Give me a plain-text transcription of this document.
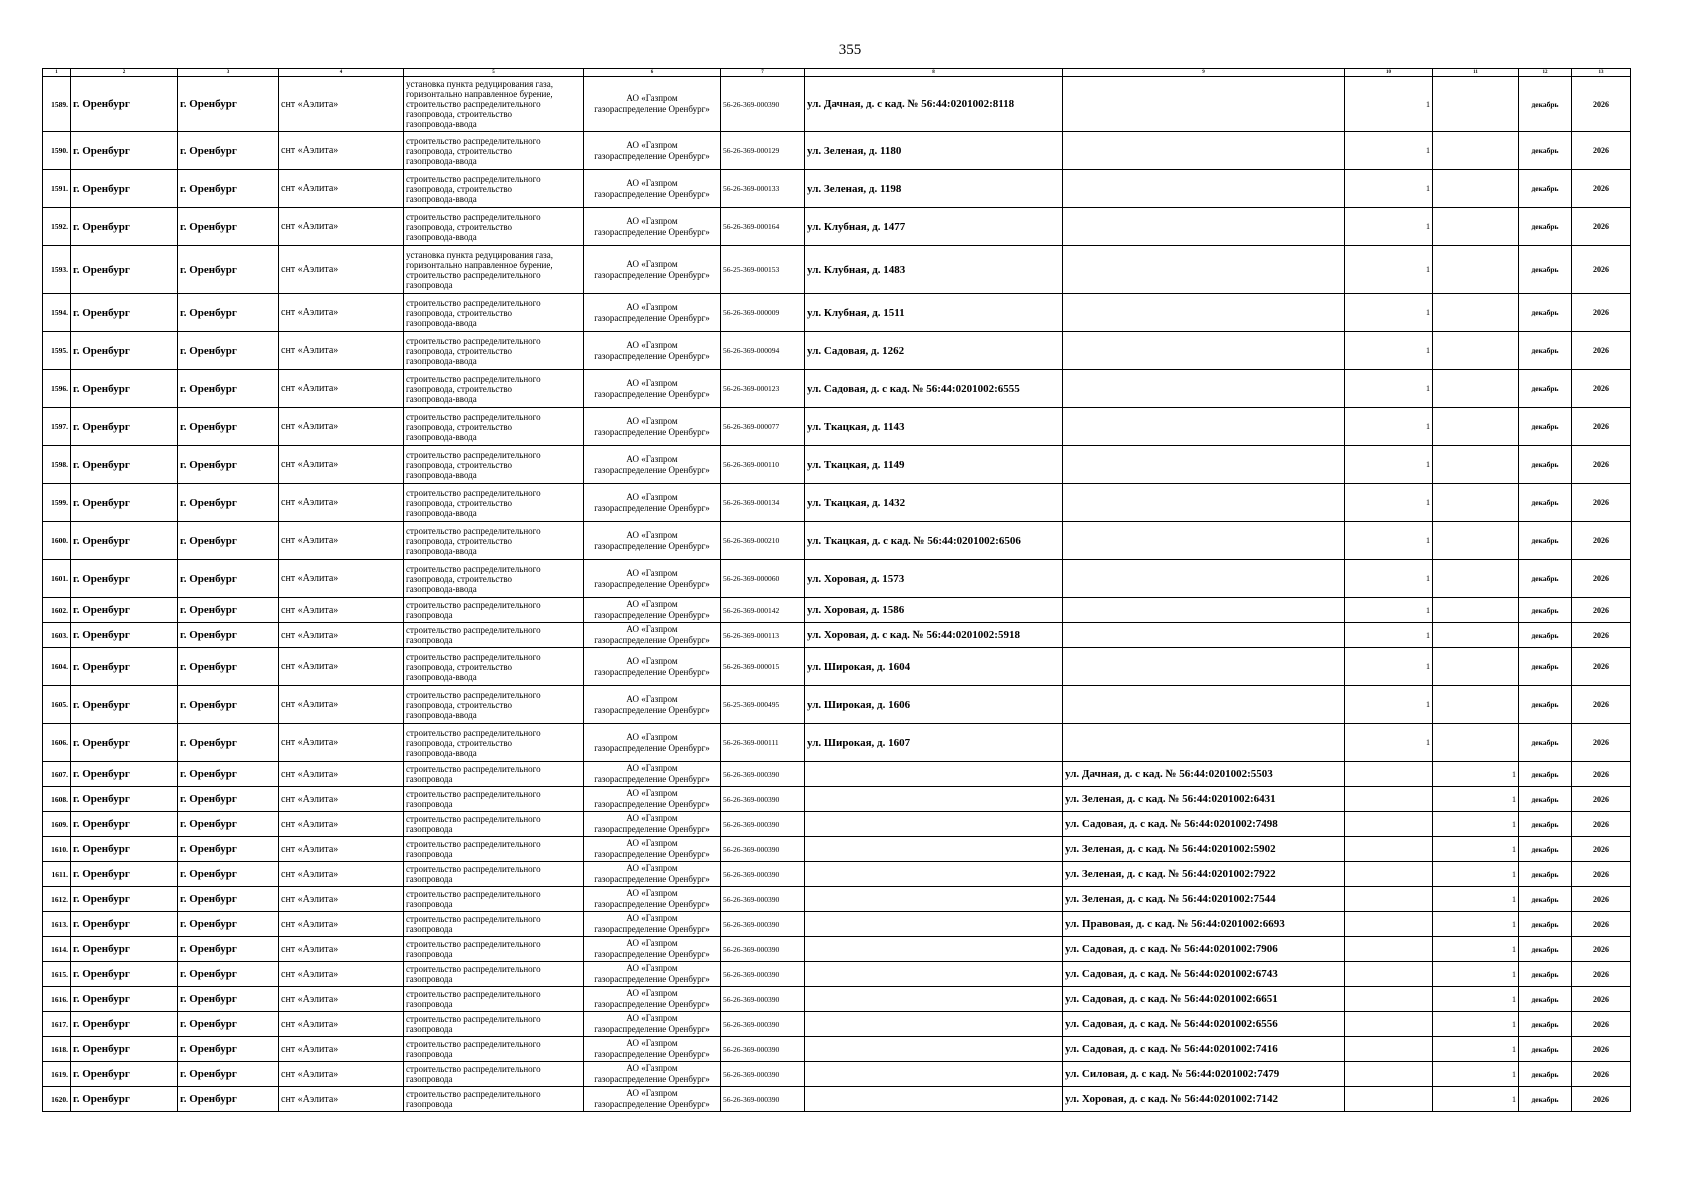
355
1	2	3	4	5	6	7	8	9	10	11	12	13
1589.	г. Оренбург	г. Оренбург	снт «Аэлита»	установка пункта редуцирования газа,
горизонтально направленное бурение,
строительство распределительного
газопровода, строительство
газопровода-ввода	АО «Газпром
газораспределение Оренбург»	56-26-369-000390	ул. Дачная, д. с кад. № 56:44:0201002:8118		1		декабрь	2026
1590.	г. Оренбург	г. Оренбург	снт «Аэлита»	строительство распределительного
газопровода, строительство
газопровода-ввода	АО «Газпром
газораспределение Оренбург»	56-26-369-000129	ул. Зеленая, д. 1180		1		декабрь	2026
1591.	г. Оренбург	г. Оренбург	снт «Аэлита»	строительство распределительного
газопровода, строительство
газопровода-ввода	АО «Газпром
газораспределение Оренбург»	56-26-369-000133	ул. Зеленая, д. 1198		1		декабрь	2026
1592.	г. Оренбург	г. Оренбург	снт «Аэлита»	строительство распределительного
газопровода, строительство
газопровода-ввода	АО «Газпром
газораспределение Оренбург»	56-26-369-000164	ул. Клубная, д. 1477		1		декабрь	2026
1593.	г. Оренбург	г. Оренбург	снт «Аэлита»	установка пункта редуцирования газа,
горизонтально направленное бурение,
строительство распределительного
газопровода	АО «Газпром
газораспределение Оренбург»	56-25-369-000153	ул. Клубная, д. 1483		1		декабрь	2026
1594.	г. Оренбург	г. Оренбург	снт «Аэлита»	строительство распределительного
газопровода, строительство
газопровода-ввода	АО «Газпром
газораспределение Оренбург»	56-26-369-000009	ул. Клубная, д. 1511		1		декабрь	2026
1595.	г. Оренбург	г. Оренбург	снт «Аэлита»	строительство распределительного
газопровода, строительство
газопровода-ввода	АО «Газпром
газораспределение Оренбург»	56-26-369-000094	ул. Садовая, д. 1262		1		декабрь	2026
1596.	г. Оренбург	г. Оренбург	снт «Аэлита»	строительство распределительного
газопровода, строительство
газопровода-ввода	АО «Газпром
газораспределение Оренбург»	56-26-369-000123	ул. Садовая, д. с кад. № 56:44:0201002:6555		1		декабрь	2026
1597.	г. Оренбург	г. Оренбург	снт «Аэлита»	строительство распределительного
газопровода, строительство
газопровода-ввода	АО «Газпром
газораспределение Оренбург»	56-26-369-000077	ул. Ткацкая, д. 1143		1		декабрь	2026
1598.	г. Оренбург	г. Оренбург	снт «Аэлита»	строительство распределительного
газопровода, строительство
газопровода-ввода	АО «Газпром
газораспределение Оренбург»	56-26-369-000110	ул. Ткацкая, д. 1149		1		декабрь	2026
1599.	г. Оренбург	г. Оренбург	снт «Аэлита»	строительство распределительного
газопровода, строительство
газопровода-ввода	АО «Газпром
газораспределение Оренбург»	56-26-369-000134	ул. Ткацкая, д. 1432		1		декабрь	2026
1600.	г. Оренбург	г. Оренбург	снт «Аэлита»	строительство распределительного
газопровода, строительство
газопровода-ввода	АО «Газпром
газораспределение Оренбург»	56-26-369-000210	ул. Ткацкая, д. с кад. № 56:44:0201002:6506		1		декабрь	2026
1601.	г. Оренбург	г. Оренбург	снт «Аэлита»	строительство распределительного
газопровода, строительство
газопровода-ввода	АО «Газпром
газораспределение Оренбург»	56-26-369-000060	ул. Хоровая, д. 1573		1		декабрь	2026
1602.	г. Оренбург	г. Оренбург	снт «Аэлита»	строительство распределительного
газопровода	АО «Газпром
газораспределение Оренбург»	56-26-369-000142	ул. Хоровая, д. 1586		1		декабрь	2026
1603.	г. Оренбург	г. Оренбург	снт «Аэлита»	строительство распределительного
газопровода	АО «Газпром
газораспределение Оренбург»	56-26-369-000113	ул. Хоровая, д. с кад. № 56:44:0201002:5918		1		декабрь	2026
1604.	г. Оренбург	г. Оренбург	снт «Аэлита»	строительство распределительного
газопровода, строительство
газопровода-ввода	АО «Газпром
газораспределение Оренбург»	56-26-369-000015	ул. Широкая, д. 1604		1		декабрь	2026
1605.	г. Оренбург	г. Оренбург	снт «Аэлита»	строительство распределительного
газопровода, строительство
газопровода-ввода	АО «Газпром
газораспределение Оренбург»	56-25-369-000495	ул. Широкая, д. 1606		1		декабрь	2026
1606.	г. Оренбург	г. Оренбург	снт «Аэлита»	строительство распределительного
газопровода, строительство
газопровода-ввода	АО «Газпром
газораспределение Оренбург»	56-26-369-000111	ул. Широкая, д. 1607		1		декабрь	2026
1607.	г. Оренбург	г. Оренбург	снт «Аэлита»	строительство распределительного
газопровода	АО «Газпром
газораспределение Оренбург»	56-26-369-000390		ул. Дачная, д. с кад. № 56:44:0201002:5503		1	декабрь	2026
1608.	г. Оренбург	г. Оренбург	снт «Аэлита»	строительство распределительного
газопровода	АО «Газпром
газораспределение Оренбург»	56-26-369-000390		ул. Зеленая, д. с кад. № 56:44:0201002:6431		1	декабрь	2026
1609.	г. Оренбург	г. Оренбург	снт «Аэлита»	строительство распределительного
газопровода	АО «Газпром
газораспределение Оренбург»	56-26-369-000390		ул. Садовая, д. с кад. № 56:44:0201002:7498		1	декабрь	2026
1610.	г. Оренбург	г. Оренбург	снт «Аэлита»	строительство распределительного
газопровода	АО «Газпром
газораспределение Оренбург»	56-26-369-000390		ул. Зеленая, д. с кад. № 56:44:0201002:5902		1	декабрь	2026
1611.	г. Оренбург	г. Оренбург	снт «Аэлита»	строительство распределительного
газопровода	АО «Газпром
газораспределение Оренбург»	56-26-369-000390		ул. Зеленая, д. с кад. № 56:44:0201002:7922		1	декабрь	2026
1612.	г. Оренбург	г. Оренбург	снт «Аэлита»	строительство распределительного
газопровода	АО «Газпром
газораспределение Оренбург»	56-26-369-000390		ул. Зеленая, д. с кад. № 56:44:0201002:7544		1	декабрь	2026
1613.	г. Оренбург	г. Оренбург	снт «Аэлита»	строительство распределительного
газопровода	АО «Газпром
газораспределение Оренбург»	56-26-369-000390		ул. Правовая, д. с кад. № 56:44:0201002:6693		1	декабрь	2026
1614.	г. Оренбург	г. Оренбург	снт «Аэлита»	строительство распределительного
газопровода	АО «Газпром
газораспределение Оренбург»	56-26-369-000390		ул. Садовая, д. с кад. № 56:44:0201002:7906		1	декабрь	2026
1615.	г. Оренбург	г. Оренбург	снт «Аэлита»	строительство распределительного
газопровода	АО «Газпром
газораспределение Оренбург»	56-26-369-000390		ул. Садовая, д. с кад. № 56:44:0201002:6743		1	декабрь	2026
1616.	г. Оренбург	г. Оренбург	снт «Аэлита»	строительство распределительного
газопровода	АО «Газпром
газораспределение Оренбург»	56-26-369-000390		ул. Садовая, д. с кад. № 56:44:0201002:6651		1	декабрь	2026
1617.	г. Оренбург	г. Оренбург	снт «Аэлита»	строительство распределительного
газопровода	АО «Газпром
газораспределение Оренбург»	56-26-369-000390		ул. Садовая, д. с кад. № 56:44:0201002:6556		1	декабрь	2026
1618.	г. Оренбург	г. Оренбург	снт «Аэлита»	строительство распределительного
газопровода	АО «Газпром
газораспределение Оренбург»	56-26-369-000390		ул. Садовая, д. с кад. № 56:44:0201002:7416		1	декабрь	2026
1619.	г. Оренбург	г. Оренбург	снт «Аэлита»	строительство распределительного
газопровода	АО «Газпром
газораспределение Оренбург»	56-26-369-000390		ул. Силовая, д. с кад. № 56:44:0201002:7479		1	декабрь	2026
1620.	г. Оренбург	г. Оренбург	снт «Аэлита»	строительство распределительного
газопровода	АО «Газпром
газораспределение Оренбург»	56-26-369-000390		ул. Хоровая, д. с кад. № 56:44:0201002:7142		1	декабрь	2026
